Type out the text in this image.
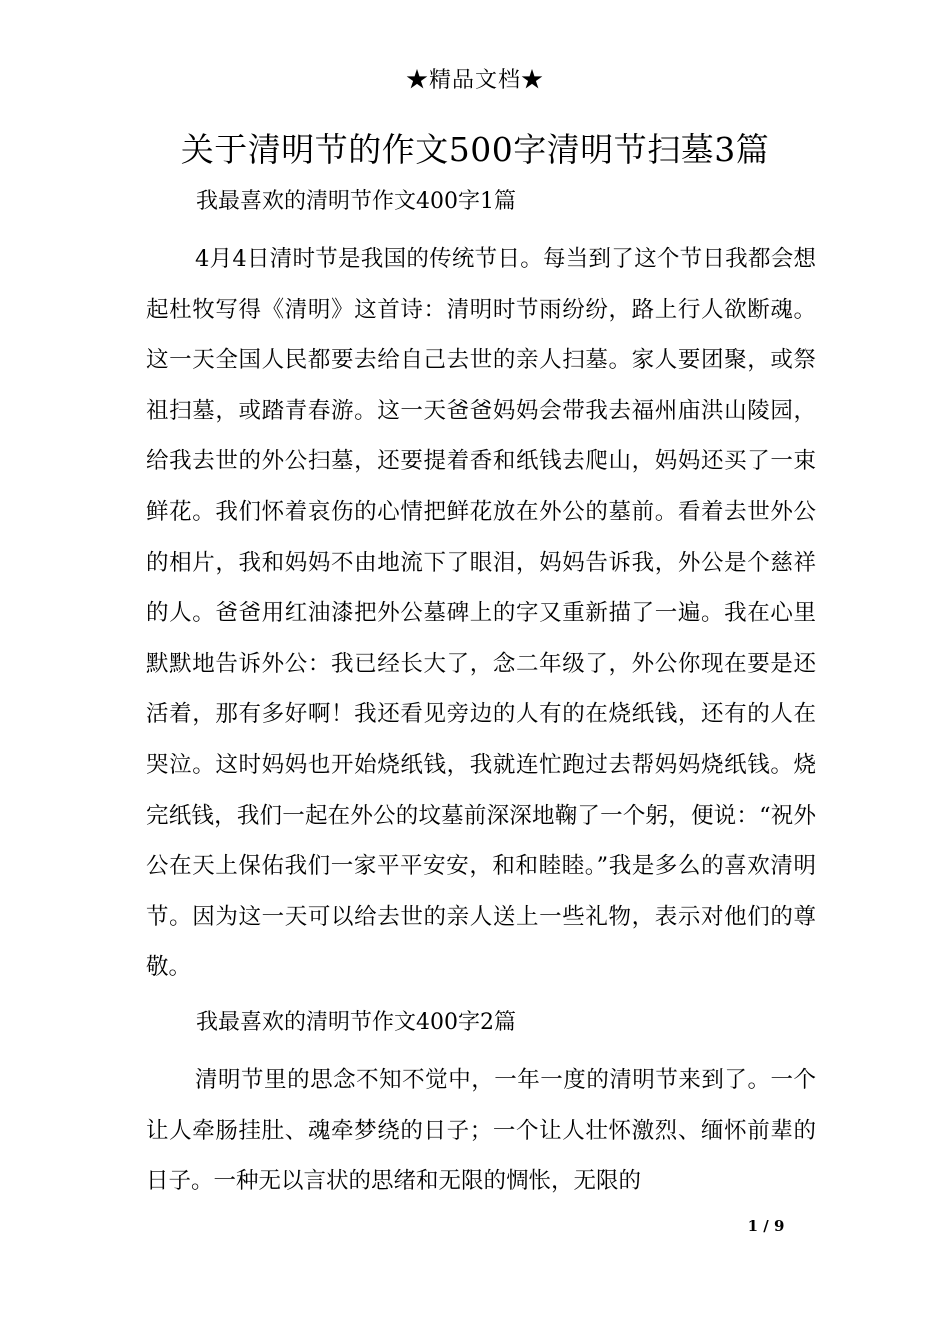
★精品文档★
关于清明节的作文500字清明节扫墓3篇

我最喜欢的清明节作文400字1篇

4月4日清时节是我国的传统节日。每当到了这个节日我都会想起杜牧写得《清明》这首诗：清明时节雨纷纷，路上行人欲断魂。这一天全国人民都要去给自己去世的亲人扫墓。家人要团聚，或祭祖扫墓，或踏青春游。这一天爸爸妈妈会带我去福州庙洪山陵园，给我去世的外公扫墓，还要提着香和纸钱去爬山，妈妈还买了一束鲜花。我们怀着哀伤的心情把鲜花放在外公的墓前。看着去世外公的相片，我和妈妈不由地流下了眼泪，妈妈告诉我，外公是个慈祥的人。爸爸用红油漆把外公墓碑上的字又重新描了一遍。我在心里默默地告诉外公：我已经长大了，念二年级了，外公你现在要是还活着，那有多好啊！我还看见旁边的人有的在烧纸钱，还有的人在哭泣。这时妈妈也开始烧纸钱，我就连忙跑过去帮妈妈烧纸钱。烧完纸钱，我们一起在外公的坟墓前深深地鞠了一个躬，便说：“祝外公在天上保佑我们一家平平安安，和和睦睦。”我是多么的喜欢清明节。因为这一天可以给去世的亲人送上一些礼物，表示对他们的尊敬。

我最喜欢的清明节作文400字2篇

清明节里的思念不知不觉中，一年一度的清明节来到了。一个让人牵肠挂肚、魂牵梦绕的日子；一个让人壮怀激烈、缅怀前辈的日子。一种无以言状的思绪和无限的惆怅，无限的

1 / 9
